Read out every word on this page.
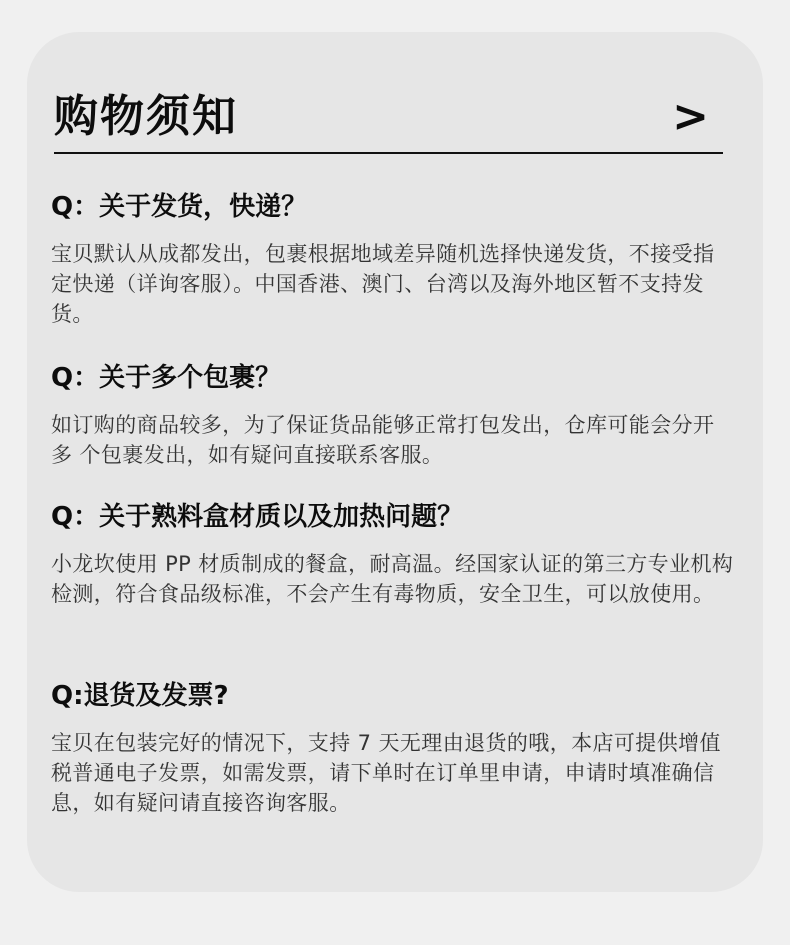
购物须知	>

Q：关于发货，快递？

宝贝默认从成都发出，包裹根据地域差异随机选择快递发货，不接受指定快递（详询客服）。中国香港、澳门、台湾以及海外地区暂不支持发货。

Q：关于多个包裹？

如订购的商品较多，为了保证货品能够正常打包发出，仓库可能会分开多 个包裹发出，如有疑问直接联系客服。

Q：关于熟料盒材质以及加热问题？

小龙坎使用 PP 材质制成的餐盒，耐高温。经国家认证的第三方专业机构 检测，符合食品级标准，不会产生有毒物质，安全卫生，可以放使用。

Q:退货及发票?

宝贝在包装完好的情况下，支持 7 天无理由退货的哦，本店可提供增值税普通电子发票，如需发票，请下单时在订单里申请，申请时填准确信息，如有疑问请直接咨询客服。
